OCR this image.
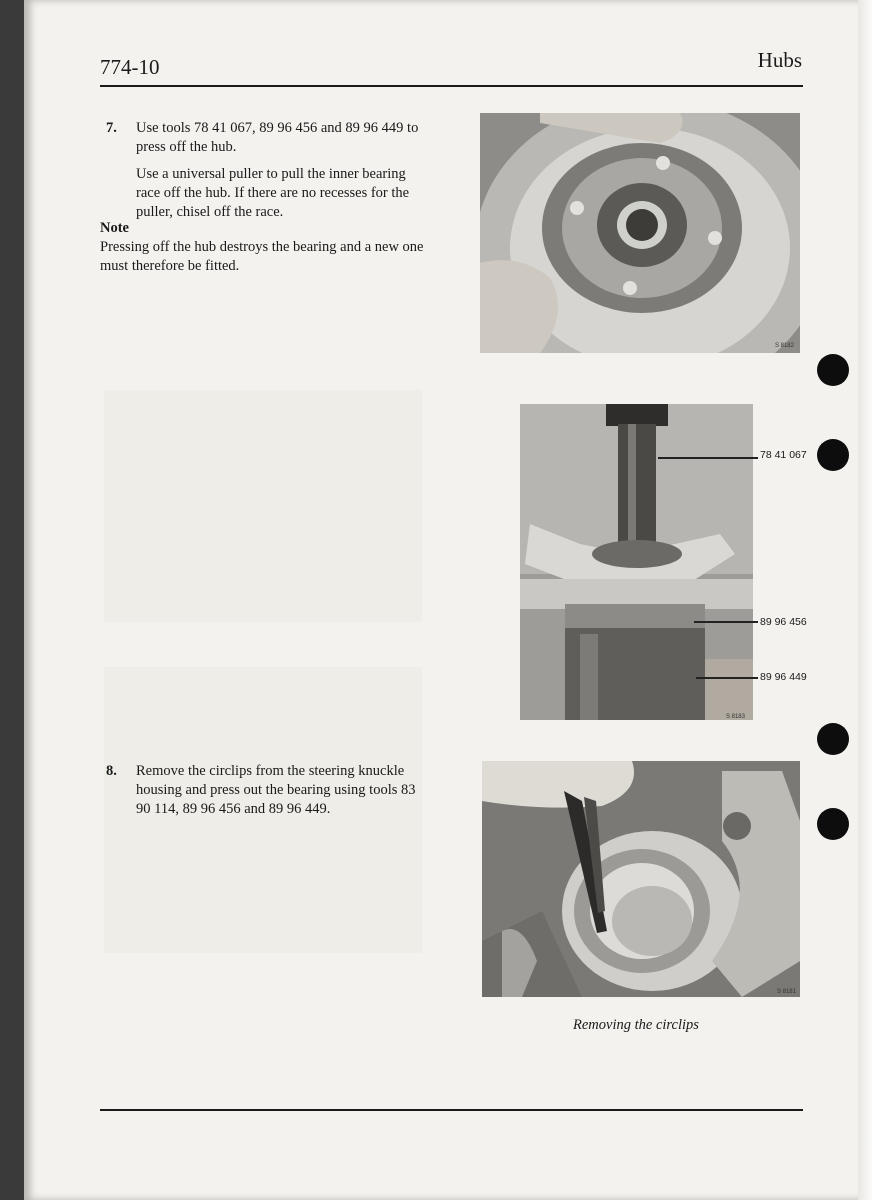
774-10	Hubs
7. Use tools 78 41 067, 89 96 456 and 89 96 449 to press off the hub.

Use a universal puller to pull the inner bearing race off the hub. If there are no recesses for the puller, chisel off the race.

Note

Pressing off the hub destroys the bearing and a new one must therefore be fitted.

8. Remove the circlips from the steering knuckle housing and press out the bearing using tools 83 90 114, 89 96 456 and 89 96 449.

S 8182
S 8183
78 41 067
89 96 456
89 96 449
S 8181
Removing the circlips
